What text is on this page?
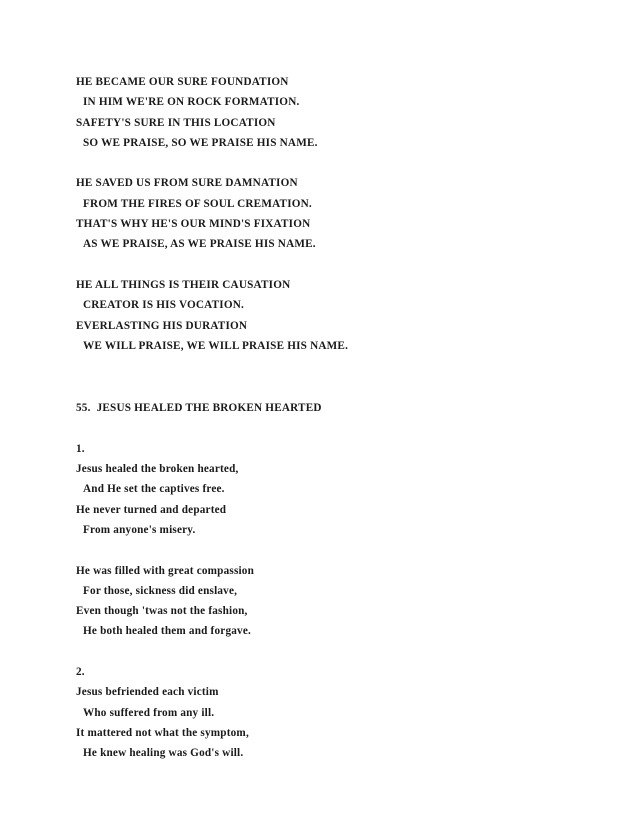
HE BECAME OUR SURE FOUNDATION
IN HIM WE'RE ON ROCK FORMATION.
SAFETY'S SURE IN THIS LOCATION
SO WE PRAISE, SO WE PRAISE HIS NAME.
HE SAVED US FROM SURE DAMNATION
FROM THE FIRES OF SOUL CREMATION.
THAT'S WHY HE'S OUR MIND'S FIXATION
AS WE PRAISE, AS WE PRAISE HIS NAME.
HE ALL THINGS IS THEIR CAUSATION
CREATOR IS HIS VOCATION.
EVERLASTING HIS DURATION
WE WILL PRAISE, WE WILL PRAISE HIS NAME.
55.  JESUS HEALED THE BROKEN HEARTED
1.
Jesus healed the broken hearted,
And He set the captives free.
He never turned and departed
From anyone's misery.
He was filled with great compassion
For those, sickness did enslave,
Even though 'twas not the fashion,
He both healed them and forgave.
2.
Jesus befriended each victim
Who suffered from any ill.
It mattered not what the symptom,
He knew healing was God's will.
